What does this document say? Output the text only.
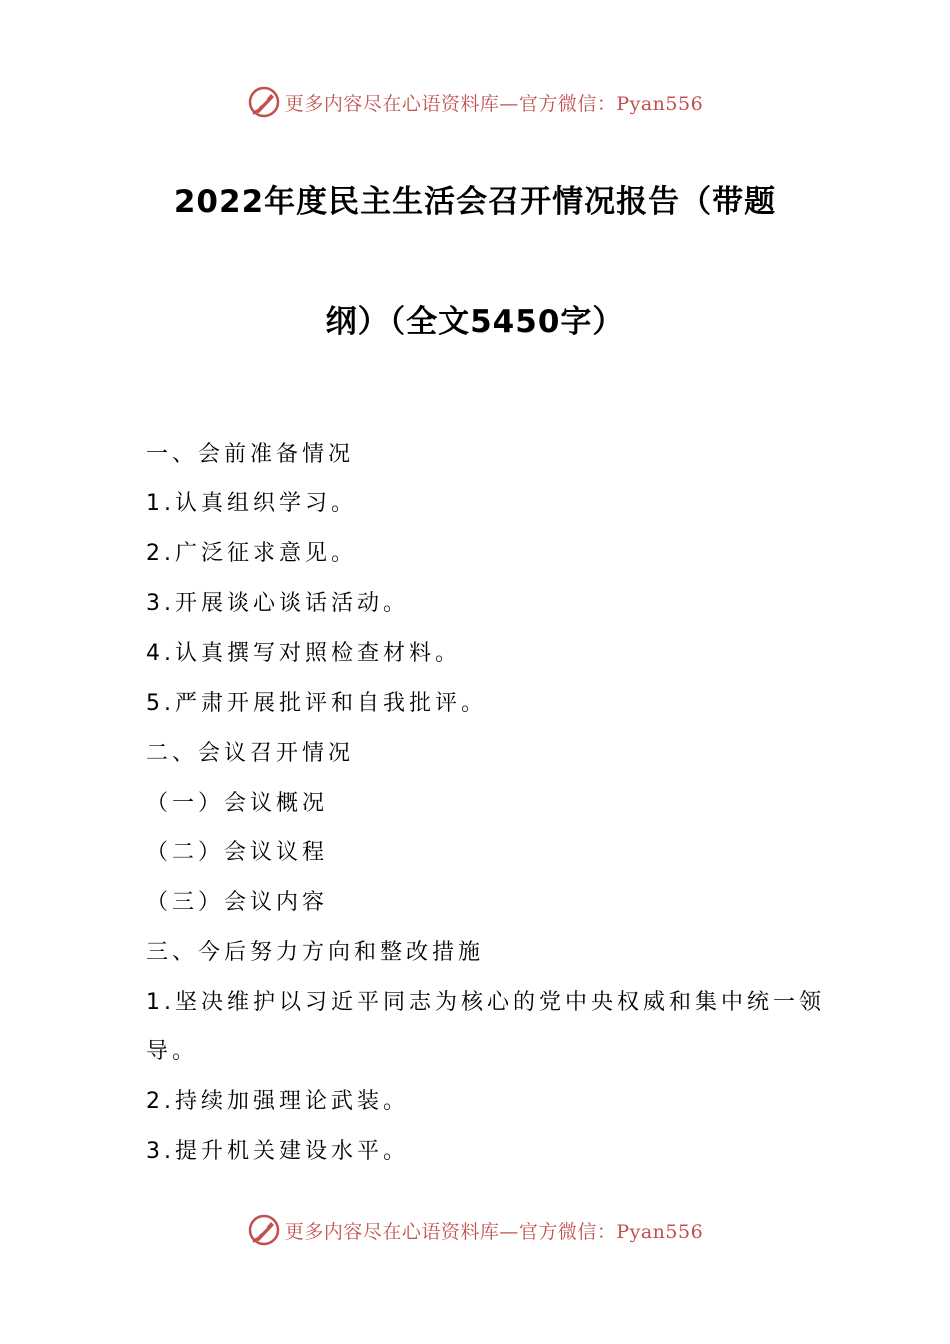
更多内容尽在心语资料库—官方微信：Pyan556
2022年度民主生活会召开情况报告（带题
纲）（全文5450字）
一、会前准备情况
1.认真组织学习。
2.广泛征求意见。
3.开展谈心谈话活动。
4.认真撰写对照检查材料。
5.严肃开展批评和自我批评。
二、会议召开情况
（一）会议概况
（二）会议议程
（三）会议内容
三、今后努力方向和整改措施
1.坚决维护以习近平同志为核心的党中央权威和集中统一领
导。
2.持续加强理论武装。
3.提升机关建设水平。
更多内容尽在心语资料库—官方微信：Pyan556
